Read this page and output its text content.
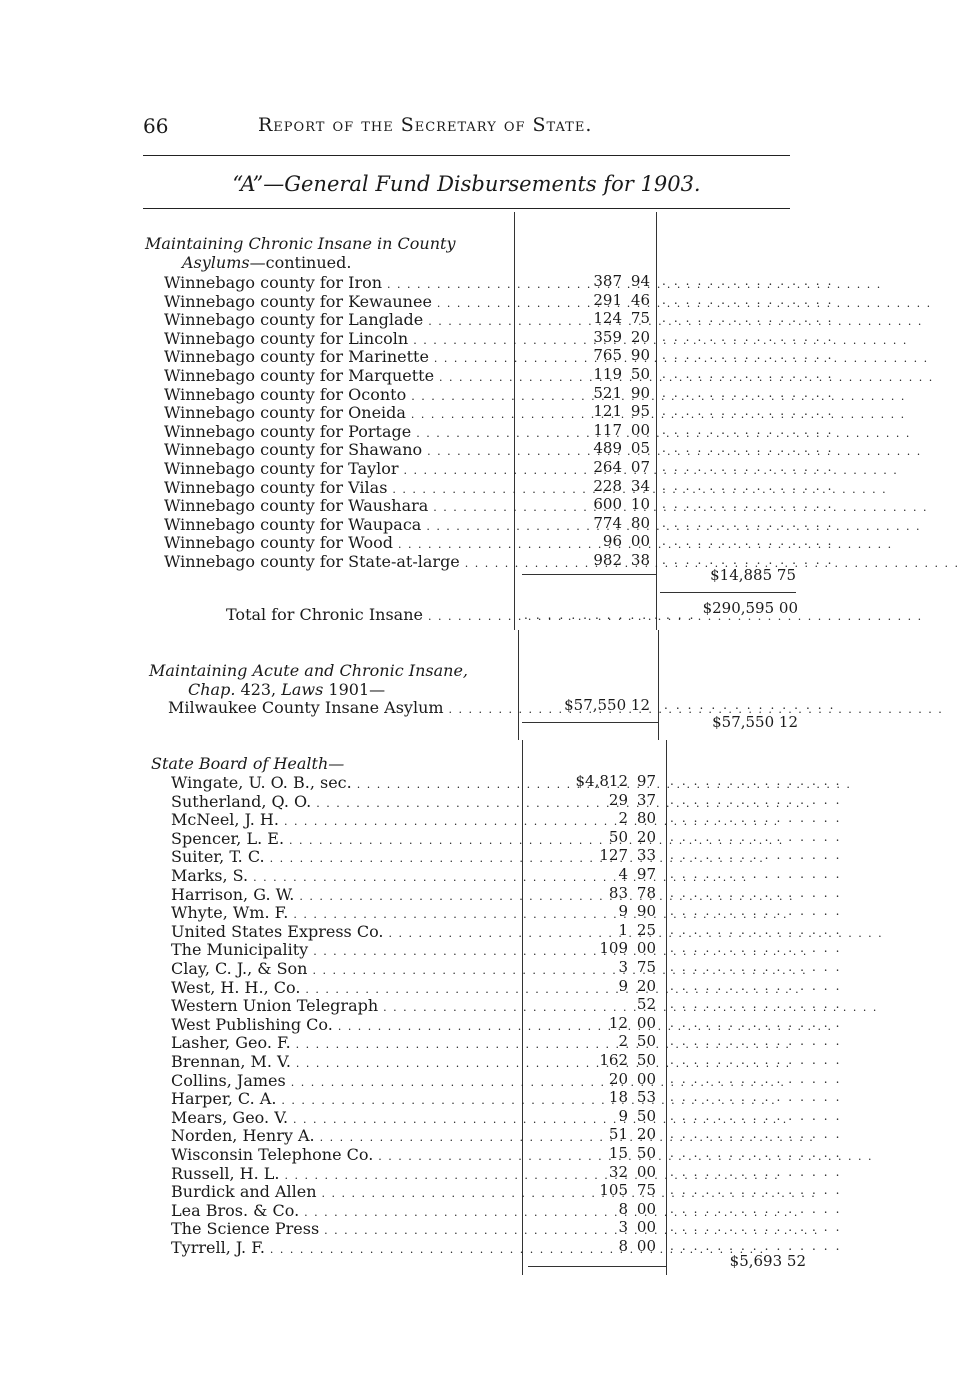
66	Report of the Secretary of State.
“A”—General Fund Disbursements for 1903.
Maintaining Chronic Insane in County
Asylums—continued.
Winnebago county for Iron . . .	387 94 . . . . . . . . . . . . . . .
Winnebago county for Kewaunee . . .	291 46 . . . . . . . . . . . . . . .
Winnebago county for Langlade . . .	124 75 . . . . . . . . . . . . . . .
Winnebago county for Lincoln . . .	359 20 . . . . . . . . . . . . . . .
Winnebago county for Marinette . . .	765 90 . . . . . . . . . . . . . . .
Winnebago county for Marquette . . .	119 50 . . . . . . . . . . . . . . .
Winnebago county for Oconto . . .	521 90 . . . . . . . . . . . . . . .
Winnebago county for Oneida . . .	121 95 . . . . . . . . . . . . . . .
Winnebago county for Portage . . .	117 00 . . . . . . . . . . . . . . .
Winnebago county for Shawano . . .	489 05 . . . . . . . . . . . . . . .
Winnebago county for Taylor . . .	264 07 . . . . . . . . . . . . . . .
Winnebago county for Vilas . . .	228 34 . . . . . . . . . . . . . . .
Winnebago county for Waushara . . .	600 10 . . . . . . . . . . . . . . .
Winnebago county for Waupaca . . .	774 80 . . . . . . . . . . . . . . .
Winnebago county for Wood . . .	96 00 . . . . . . . . . . . . . . .
Winnebago county for State-at-large . . .	982 38 . . . . . . . . . . . . . . .
$14,885 75
Total for Chronic Insane . . .	. . . . . . . . . . . . . . . $290,595 00
Maintaining Acute and Chronic Insane,
Chap. 423, Laws 1901—
Milwaukee County Insane Asylum . . .	$57,550 12 . . . . . . . . . . . . . . .
$57,550 12
State Board of Health—
Wingate, U. O. B., sec. . . .	$4,812 97 . . . . . . . . . . . . . . .
Sutherland, Q. O. . . .	29 37 . . . . . . . . . . . . . . .
McNeel, J. H. . . .	2 80 . . . . . . . . . . . . . . .
Spencer, L. E. . . .	50 20 . . . . . . . . . . . . . . .
Suiter, T. C. . . .	127 33 . . . . . . . . . . . . . . .
Marks, S. . . .	4 97 . . . . . . . . . . . . . . .
Harrison, G. W. . . .	83 78 . . . . . . . . . . . . . . .
Whyte, Wm. F. . . .	9 90 . . . . . . . . . . . . . . .
United States Express Co. . . .	1 25 . . . . . . . . . . . . . . .
The Municipality . . .	109 00 . . . . . . . . . . . . . . .
Clay, C. J., & Son . . .	3 75 . . . . . . . . . . . . . . .
West, H. H., Co. . . .	9 20 . . . . . . . . . . . . . . .
Western Union Telegraph . . .	52 . . . . . . . . . . . . . . .
West Publishing Co. . . .	12 00 . . . . . . . . . . . . . . .
Lasher, Geo. F. . . .	2 50 . . . . . . . . . . . . . . .
Brennan, M. V. . . .	162 50 . . . . . . . . . . . . . . .
Collins, James . . .	20 00 . . . . . . . . . . . . . . .
Harper, C. A. . . .	18 53 . . . . . . . . . . . . . . .
Mears, Geo. V. . . .	9 50 . . . . . . . . . . . . . . .
Norden, Henry A. . . .	51 20 . . . . . . . . . . . . . . .
Wisconsin Telephone Co. . . .	15 50 . . . . . . . . . . . . . . .
Russell, H. L. . . .	32 00 . . . . . . . . . . . . . . .
Burdick and Allen . . .	105 75 . . . . . . . . . . . . . . .
Lea Bros. & Co. . . .	8 00 . . . . . . . . . . . . . . .
The Science Press . . .	3 00 . . . . . . . . . . . . . . .
Tyrrell, J. F. . . .	8 00 . . . . . . . . . . . . . . .
$5,693 52
